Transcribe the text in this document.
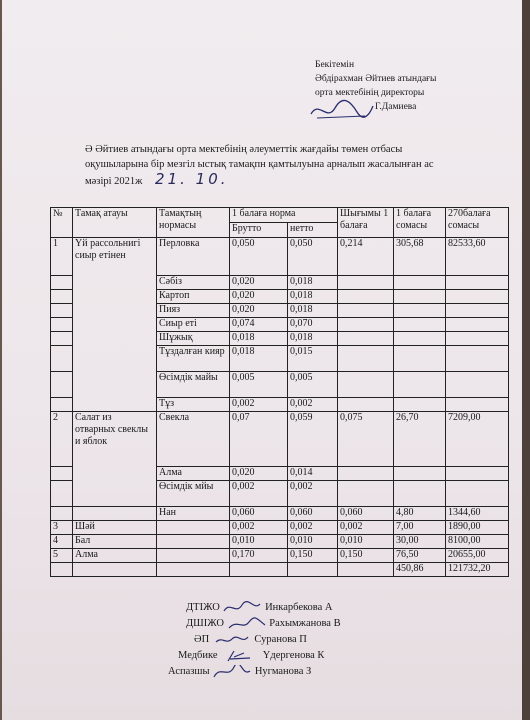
Бекітемін
Әбдірахман Әйтиев атындағы
орта мектебінің директоры
Г.Дамиева
Ә Әйтиев атындағы орта мектебінің әлеуметтік жағдайы төмен отбасы
оқушыларына бір мезгіл ыстық тамақпн қамтылуына арналып жасалынған ас
мәзірі 2021ж 21. 10.
№	Тамақ атауы	Тамақтың нормасы	1 балаға норма		Шығымы 1 балаға	1 балаға сомасы	270балаға сомасы
			Брутто	нетто			
1	Үй рассольнигі сиыр етінен	Перловка	0,050	0,050	0,214	305,68	82533,60
		Сәбіз	0,020	0,018			
		Картоп	0,020	0,018			
		Пияз	0,020	0,018			
		Сиыр еті	0,074	0,070			
		Шұжық	0,018	0,018			
		Тұздалған кияр	0,018	0,015			
		Өсімдік майы	0,005	0,005			
		Тұз	0,002	0,002			
2	Салат из отварных свеклы и яблок	Свекла	0,07	0,059	0,075	26,70	7209,00
		Алма	0,020	0,014			
		Өсімдік мйы	0,002	0,002			
		Нан	0,060	0,060	0,060	4,80	1344,60
3	Шәй		0,002	0,002	0,002	7,00	1890,00
4	Бал		0,010	0,010	0,010	30,00	8100,00
5	Алма		0,170	0,150	0,150	76,50	20655,00
						450,86	121732,20
ДТІЖО	Инкарбекова А
ДШІЖО	Рахымжанова В
ӘП	Суранова П
Медбике	Үдергенова К
Аспазшы	Нугманова З
